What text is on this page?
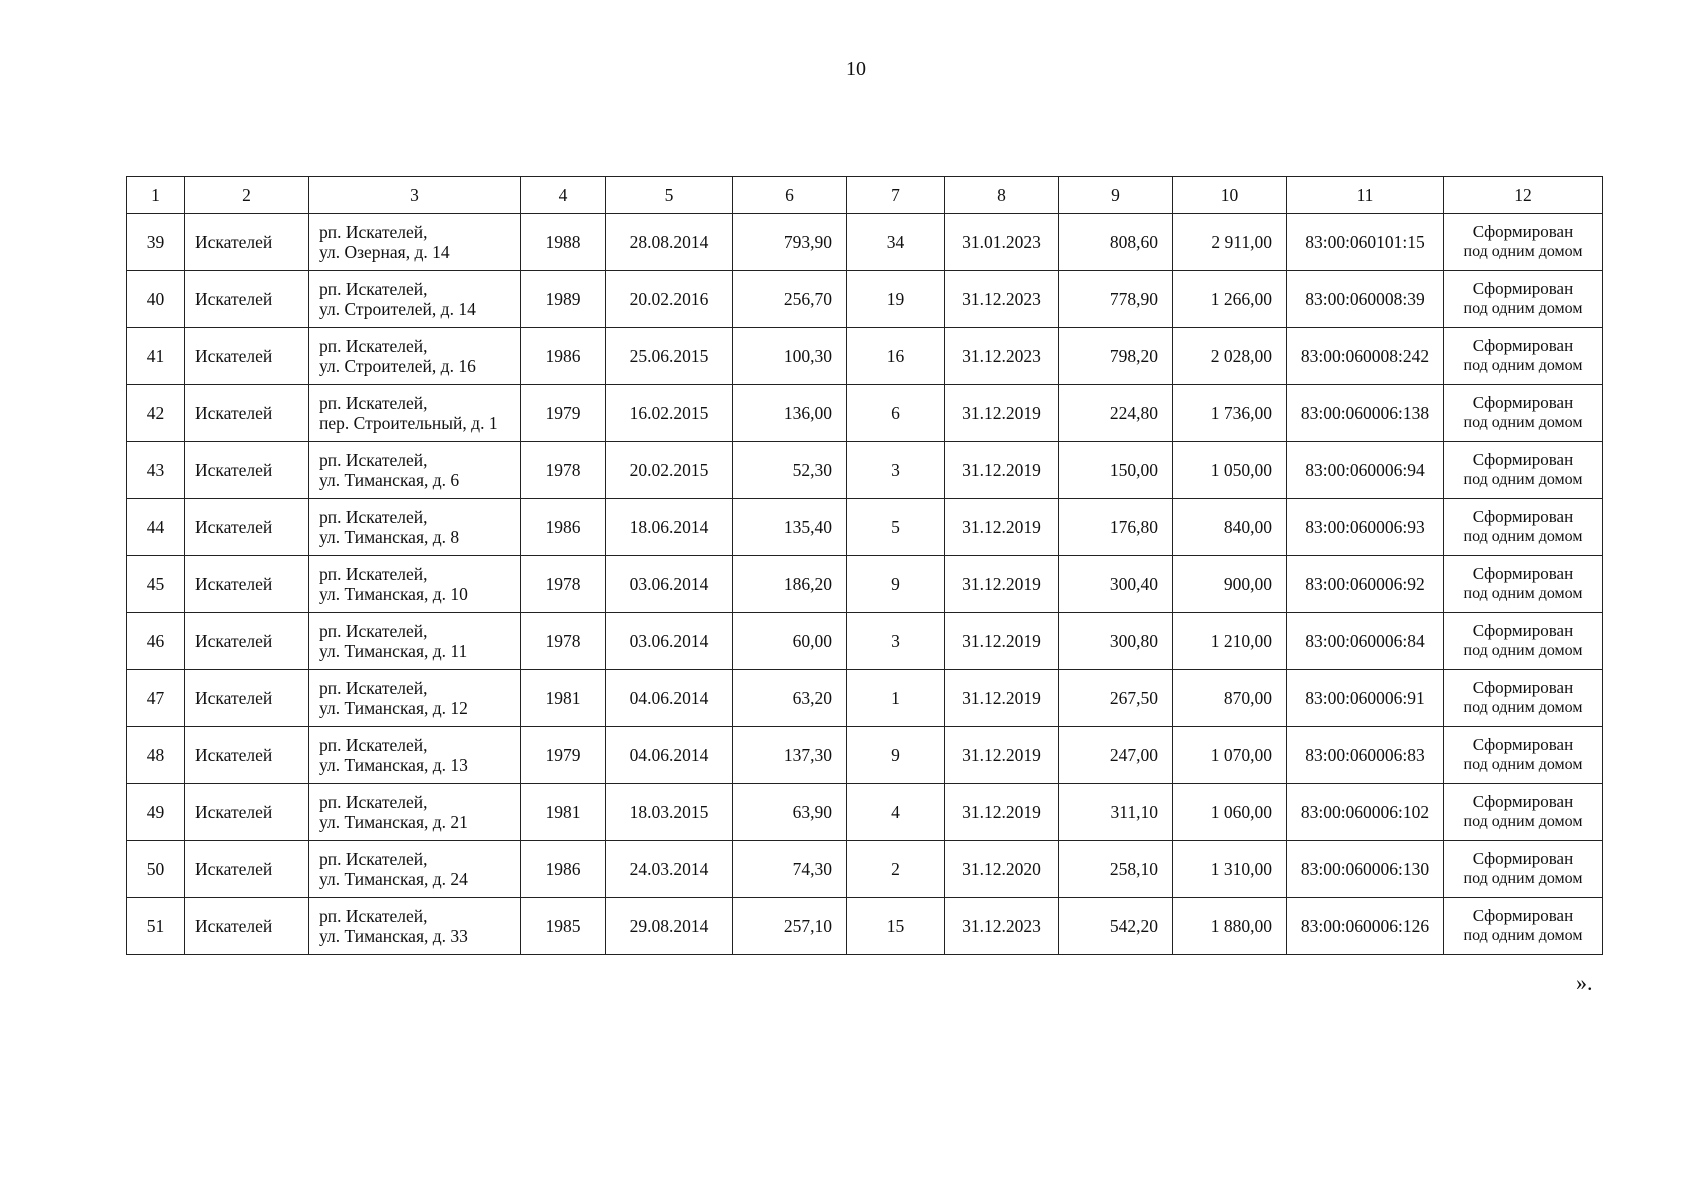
10
1	2	3	4	5	6	7	8	9	10	11	12
39	Искателей	рп. Искателей,
ул. Озерная, д. 14	1988	28.08.2014	793,90	34	31.01.2023	808,60	2 911,00	83:00:060101:15	Сформирован
под одним домом

40	Искателей	рп. Искателей,
ул. Строителей, д. 14	1989	20.02.2016	256,70	19	31.12.2023	778,90	1 266,00	83:00:060008:39	Сформирован
под одним домом

41	Искателей	рп. Искателей,
ул. Строителей, д. 16	1986	25.06.2015	100,30	16	31.12.2023	798,20	2 028,00	83:00:060008:242	Сформирован
под одним домом

42	Искателей	рп. Искателей,
пер. Строительный, д. 1	1979	16.02.2015	136,00	6	31.12.2019	224,80	1 736,00	83:00:060006:138	Сформирован
под одним домом

43	Искателей	рп. Искателей,
ул. Тиманская, д. 6	1978	20.02.2015	52,30	3	31.12.2019	150,00	1 050,00	83:00:060006:94	Сформирован
под одним домом

44	Искателей	рп. Искателей,
ул. Тиманская, д. 8	1986	18.06.2014	135,40	5	31.12.2019	176,80	840,00	83:00:060006:93	Сформирован
под одним домом

45	Искателей	рп. Искателей,
ул. Тиманская, д. 10	1978	03.06.2014	186,20	9	31.12.2019	300,40	900,00	83:00:060006:92	Сформирован
под одним домом

46	Искателей	рп. Искателей,
ул. Тиманская, д. 11	1978	03.06.2014	60,00	3	31.12.2019	300,80	1 210,00	83:00:060006:84	Сформирован
под одним домом

47	Искателей	рп. Искателей,
ул. Тиманская, д. 12	1981	04.06.2014	63,20	1	31.12.2019	267,50	870,00	83:00:060006:91	Сформирован
под одним домом

48	Искателей	рп. Искателей,
ул. Тиманская, д. 13	1979	04.06.2014	137,30	9	31.12.2019	247,00	1 070,00	83:00:060006:83	Сформирован
под одним домом

49	Искателей	рп. Искателей,
ул. Тиманская, д. 21	1981	18.03.2015	63,90	4	31.12.2019	311,10	1 060,00	83:00:060006:102	Сформирован
под одним домом

50	Искателей	рп. Искателей,
ул. Тиманская, д. 24	1986	24.03.2014	74,30	2	31.12.2020	258,10	1 310,00	83:00:060006:130	Сформирован
под одним домом

51	Искателей	рп. Искателей,
ул. Тиманская, д. 33	1985	29.08.2014	257,10	15	31.12.2023	542,20	1 880,00	83:00:060006:126	Сформирован
под одним домом
».
